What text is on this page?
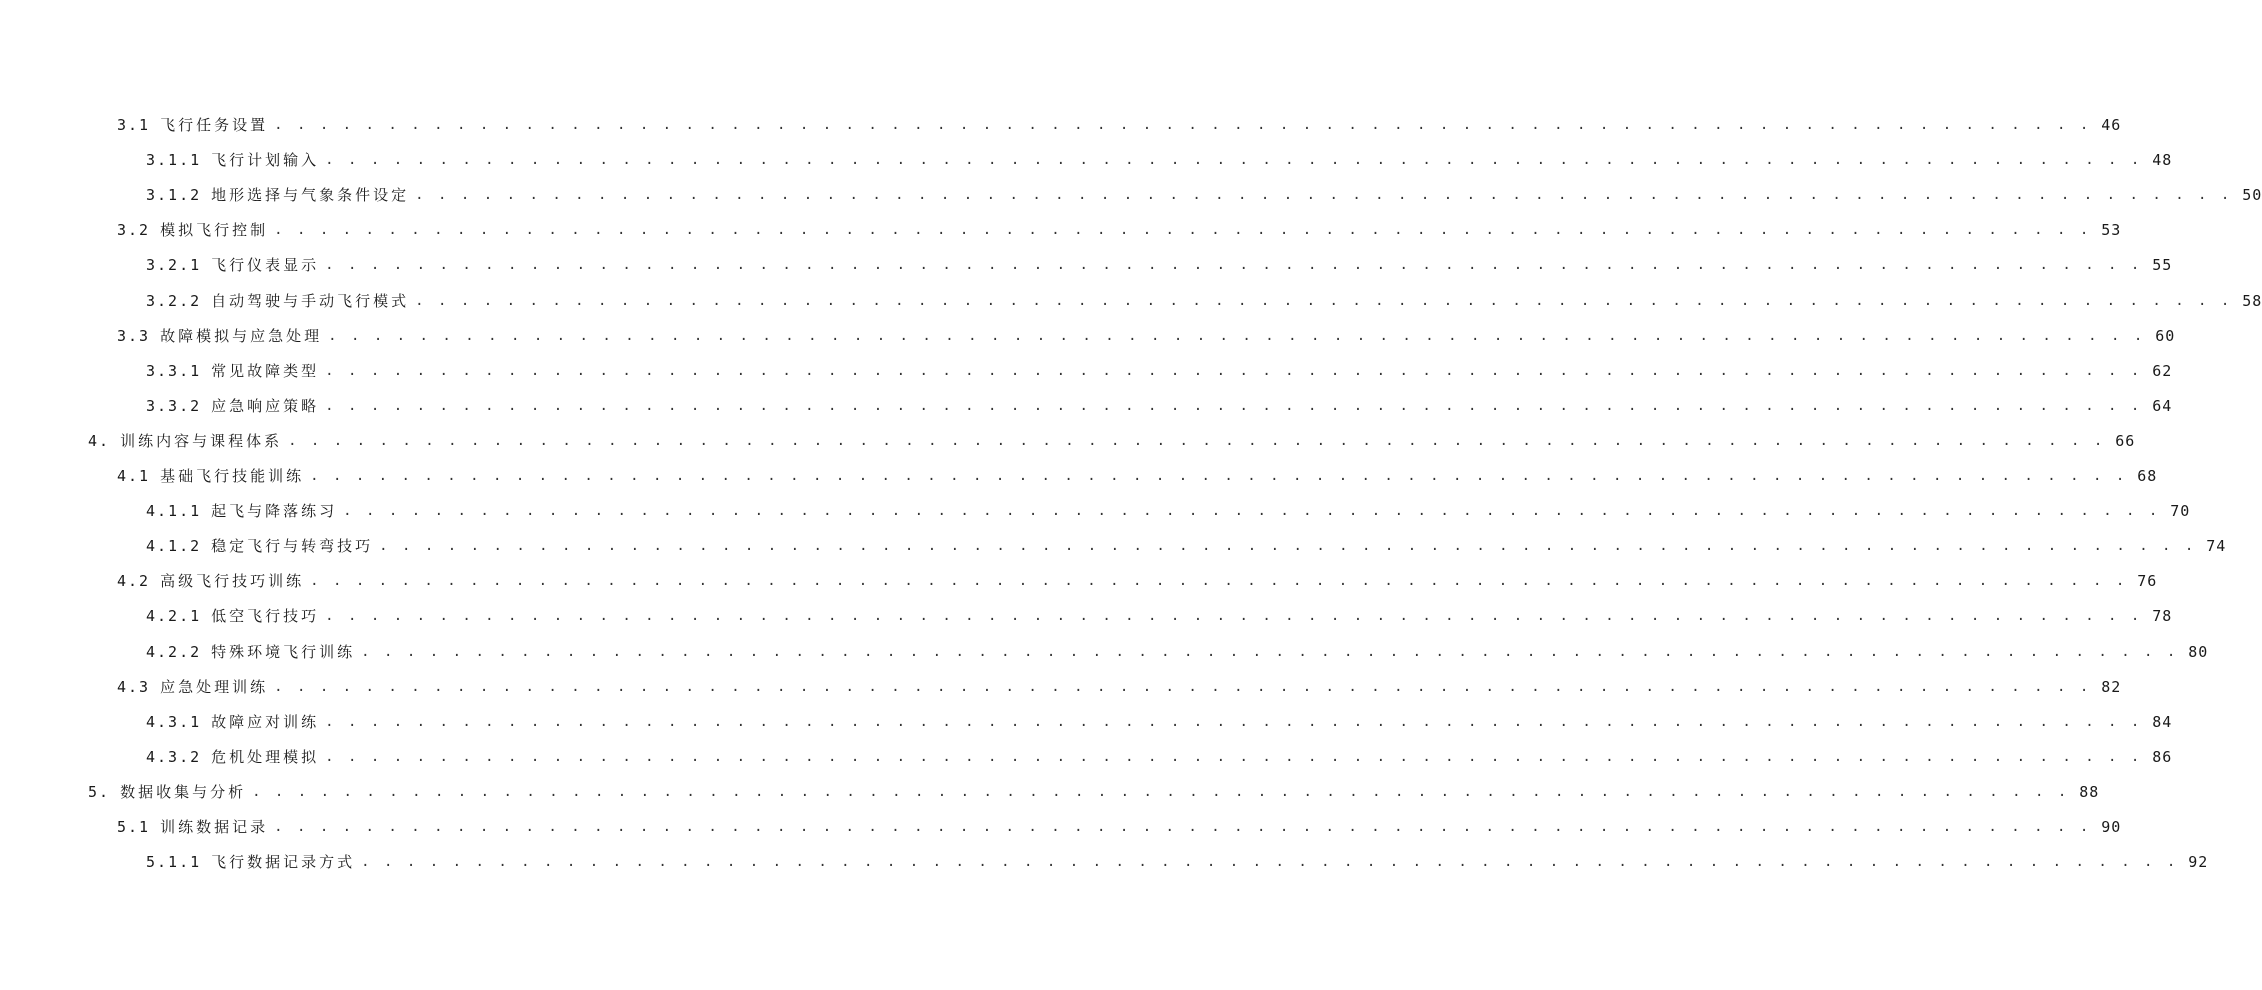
3.1 飞行任务设置 . . . . . . . . . . . . . . . . . . . . . . . . . . . . . . . . . . . . . . . . . . . . . . . . . . . . . . . . . . . . . . . . . . . . . . . . . . . . . . . . 46
3.1.1 飞行计划输入 . . . . . . . . . . . . . . . . . . . . . . . . . . . . . . . . . . . . . . . . . . . . . . . . . . . . . . . . . . . . . . . . . . . . . . . . . . . . . . . . 48
3.1.2 地形选择与气象条件设定 . . . . . . . . . . . . . . . . . . . . . . . . . . . . . . . . . . . . . . . . . . . . . . . . . . . . . . . . . . . . . . . . . . . . . . . . . . . . . . . . 50
3.2 模拟飞行控制 . . . . . . . . . . . . . . . . . . . . . . . . . . . . . . . . . . . . . . . . . . . . . . . . . . . . . . . . . . . . . . . . . . . . . . . . . . . . . . . . 53
3.2.1 飞行仪表显示 . . . . . . . . . . . . . . . . . . . . . . . . . . . . . . . . . . . . . . . . . . . . . . . . . . . . . . . . . . . . . . . . . . . . . . . . . . . . . . . . 55
3.2.2 自动驾驶与手动飞行模式 . . . . . . . . . . . . . . . . . . . . . . . . . . . . . . . . . . . . . . . . . . . . . . . . . . . . . . . . . . . . . . . . . . . . . . . . . . . . . . . . 58
3.3 故障模拟与应急处理 . . . . . . . . . . . . . . . . . . . . . . . . . . . . . . . . . . . . . . . . . . . . . . . . . . . . . . . . . . . . . . . . . . . . . . . . . . . . . . . . 60
3.3.1 常见故障类型 . . . . . . . . . . . . . . . . . . . . . . . . . . . . . . . . . . . . . . . . . . . . . . . . . . . . . . . . . . . . . . . . . . . . . . . . . . . . . . . . 62
3.3.2 应急响应策略 . . . . . . . . . . . . . . . . . . . . . . . . . . . . . . . . . . . . . . . . . . . . . . . . . . . . . . . . . . . . . . . . . . . . . . . . . . . . . . . . 64
4. 训练内容与课程体系 . . . . . . . . . . . . . . . . . . . . . . . . . . . . . . . . . . . . . . . . . . . . . . . . . . . . . . . . . . . . . . . . . . . . . . . . . . . . . . . . 66
4.1 基础飞行技能训练 . . . . . . . . . . . . . . . . . . . . . . . . . . . . . . . . . . . . . . . . . . . . . . . . . . . . . . . . . . . . . . . . . . . . . . . . . . . . . . . . 68
4.1.1 起飞与降落练习 . . . . . . . . . . . . . . . . . . . . . . . . . . . . . . . . . . . . . . . . . . . . . . . . . . . . . . . . . . . . . . . . . . . . . . . . . . . . . . . . 70
4.1.2 稳定飞行与转弯技巧 . . . . . . . . . . . . . . . . . . . . . . . . . . . . . . . . . . . . . . . . . . . . . . . . . . . . . . . . . . . . . . . . . . . . . . . . . . . . . . . . 74
4.2 高级飞行技巧训练 . . . . . . . . . . . . . . . . . . . . . . . . . . . . . . . . . . . . . . . . . . . . . . . . . . . . . . . . . . . . . . . . . . . . . . . . . . . . . . . . 76
4.2.1 低空飞行技巧 . . . . . . . . . . . . . . . . . . . . . . . . . . . . . . . . . . . . . . . . . . . . . . . . . . . . . . . . . . . . . . . . . . . . . . . . . . . . . . . . 78
4.2.2 特殊环境飞行训练 . . . . . . . . . . . . . . . . . . . . . . . . . . . . . . . . . . . . . . . . . . . . . . . . . . . . . . . . . . . . . . . . . . . . . . . . . . . . . . . . 80
4.3 应急处理训练 . . . . . . . . . . . . . . . . . . . . . . . . . . . . . . . . . . . . . . . . . . . . . . . . . . . . . . . . . . . . . . . . . . . . . . . . . . . . . . . . 82
4.3.1 故障应对训练 . . . . . . . . . . . . . . . . . . . . . . . . . . . . . . . . . . . . . . . . . . . . . . . . . . . . . . . . . . . . . . . . . . . . . . . . . . . . . . . . 84
4.3.2 危机处理模拟 . . . . . . . . . . . . . . . . . . . . . . . . . . . . . . . . . . . . . . . . . . . . . . . . . . . . . . . . . . . . . . . . . . . . . . . . . . . . . . . . 86
5. 数据收集与分析 . . . . . . . . . . . . . . . . . . . . . . . . . . . . . . . . . . . . . . . . . . . . . . . . . . . . . . . . . . . . . . . . . . . . . . . . . . . . . . . . 88
5.1 训练数据记录 . . . . . . . . . . . . . . . . . . . . . . . . . . . . . . . . . . . . . . . . . . . . . . . . . . . . . . . . . . . . . . . . . . . . . . . . . . . . . . . . 90
5.1.1 飞行数据记录方式 . . . . . . . . . . . . . . . . . . . . . . . . . . . . . . . . . . . . . . . . . . . . . . . . . . . . . . . . . . . . . . . . . . . . . . . . . . . . . . . . 92
